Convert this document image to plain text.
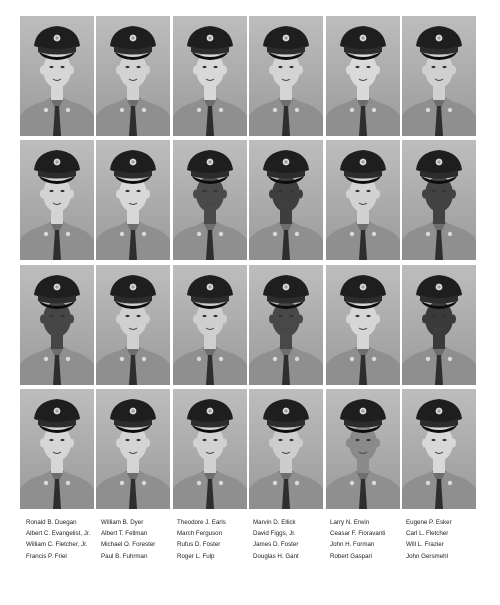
Ronald B. Duegan
Albert C. Evangelist, Jr.
William C. Fletcher, Jr.
Francis P. Friel
William B. Dyer
Albert T. Fellman
Michael O. Forester
Paul B. Fuhrman
Theodore J. Earls
March Ferguson
Rufus D. Foster
Roger L. Fulp
Marvin D. Ellick
David Figgs, Jr.
James D. Foster
Douglas H. Gant
Larry N. Erwin
Ceasar F. Fioravanti
John H. Forman
Robert Gaspari
Eugene P. Esker
Carl L. Fletcher
Will L. Frazier
John Gersmehl
